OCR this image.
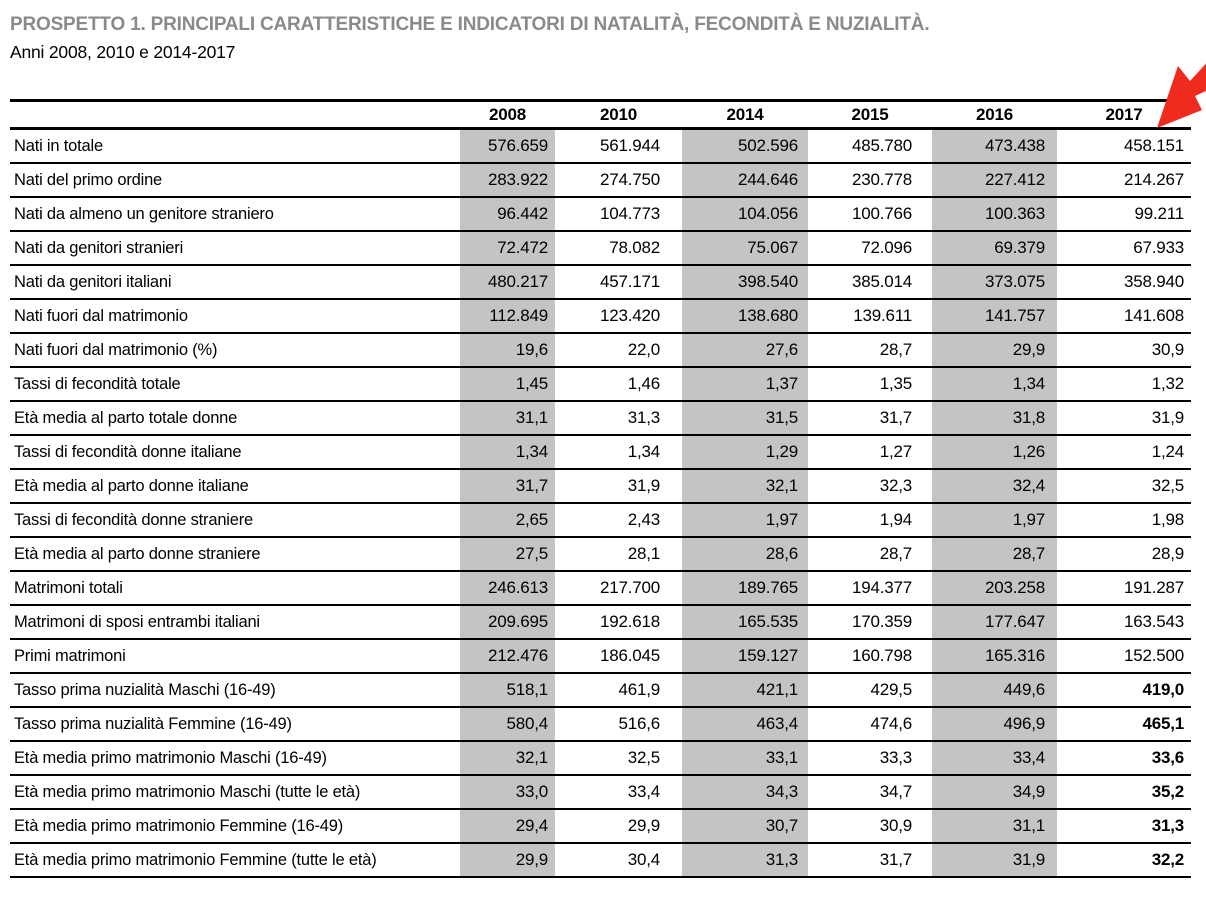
PROSPETTO 1. PRINCIPALI CARATTERISTICHE E INDICATORI DI NATALITÀ, FECONDITÀ E NUZIALITÀ.
Anni 2008, 2010 e 2014-2017
	2008	2010	2014	2015	2016	2017
Nati in totale	576.659	561.944	502.596	485.780	473.438	458.151
Nati del primo ordine	283.922	274.750	244.646	230.778	227.412	214.267
Nati da almeno un genitore straniero	96.442	104.773	104.056	100.766	100.363	99.211
Nati da genitori stranieri	72.472	78.082	75.067	72.096	69.379	67.933
Nati da genitori italiani	480.217	457.171	398.540	385.014	373.075	358.940
Nati fuori dal matrimonio	112.849	123.420	138.680	139.611	141.757	141.608
Nati fuori dal matrimonio (%)	19,6	22,0	27,6	28,7	29,9	30,9
Tassi di fecondità totale	1,45	1,46	1,37	1,35	1,34	1,32
Età media al parto totale donne	31,1	31,3	31,5	31,7	31,8	31,9
Tassi di fecondità donne italiane	1,34	1,34	1,29	1,27	1,26	1,24
Età media al parto donne italiane	31,7	31,9	32,1	32,3	32,4	32,5
Tassi di fecondità donne straniere	2,65	2,43	1,97	1,94	1,97	1,98
Età media al parto donne straniere	27,5	28,1	28,6	28,7	28,7	28,9
Matrimoni totali	246.613	217.700	189.765	194.377	203.258	191.287
Matrimoni di sposi entrambi italiani	209.695	192.618	165.535	170.359	177.647	163.543
Primi matrimoni	212.476	186.045	159.127	160.798	165.316	152.500
Tasso prima nuzialità Maschi (16-49)	518,1	461,9	421,1	429,5	449,6	419,0
Tasso prima nuzialità Femmine (16-49)	580,4	516,6	463,4	474,6	496,9	465,1
Età media primo matrimonio Maschi (16-49)	32,1	32,5	33,1	33,3	33,4	33,6
Età media primo matrimonio Maschi (tutte le età)	33,0	33,4	34,3	34,7	34,9	35,2
Età media primo matrimonio Femmine (16-49)	29,4	29,9	30,7	30,9	31,1	31,3
Età media primo matrimonio Femmine (tutte le età)	29,9	30,4	31,3	31,7	31,9	32,2
